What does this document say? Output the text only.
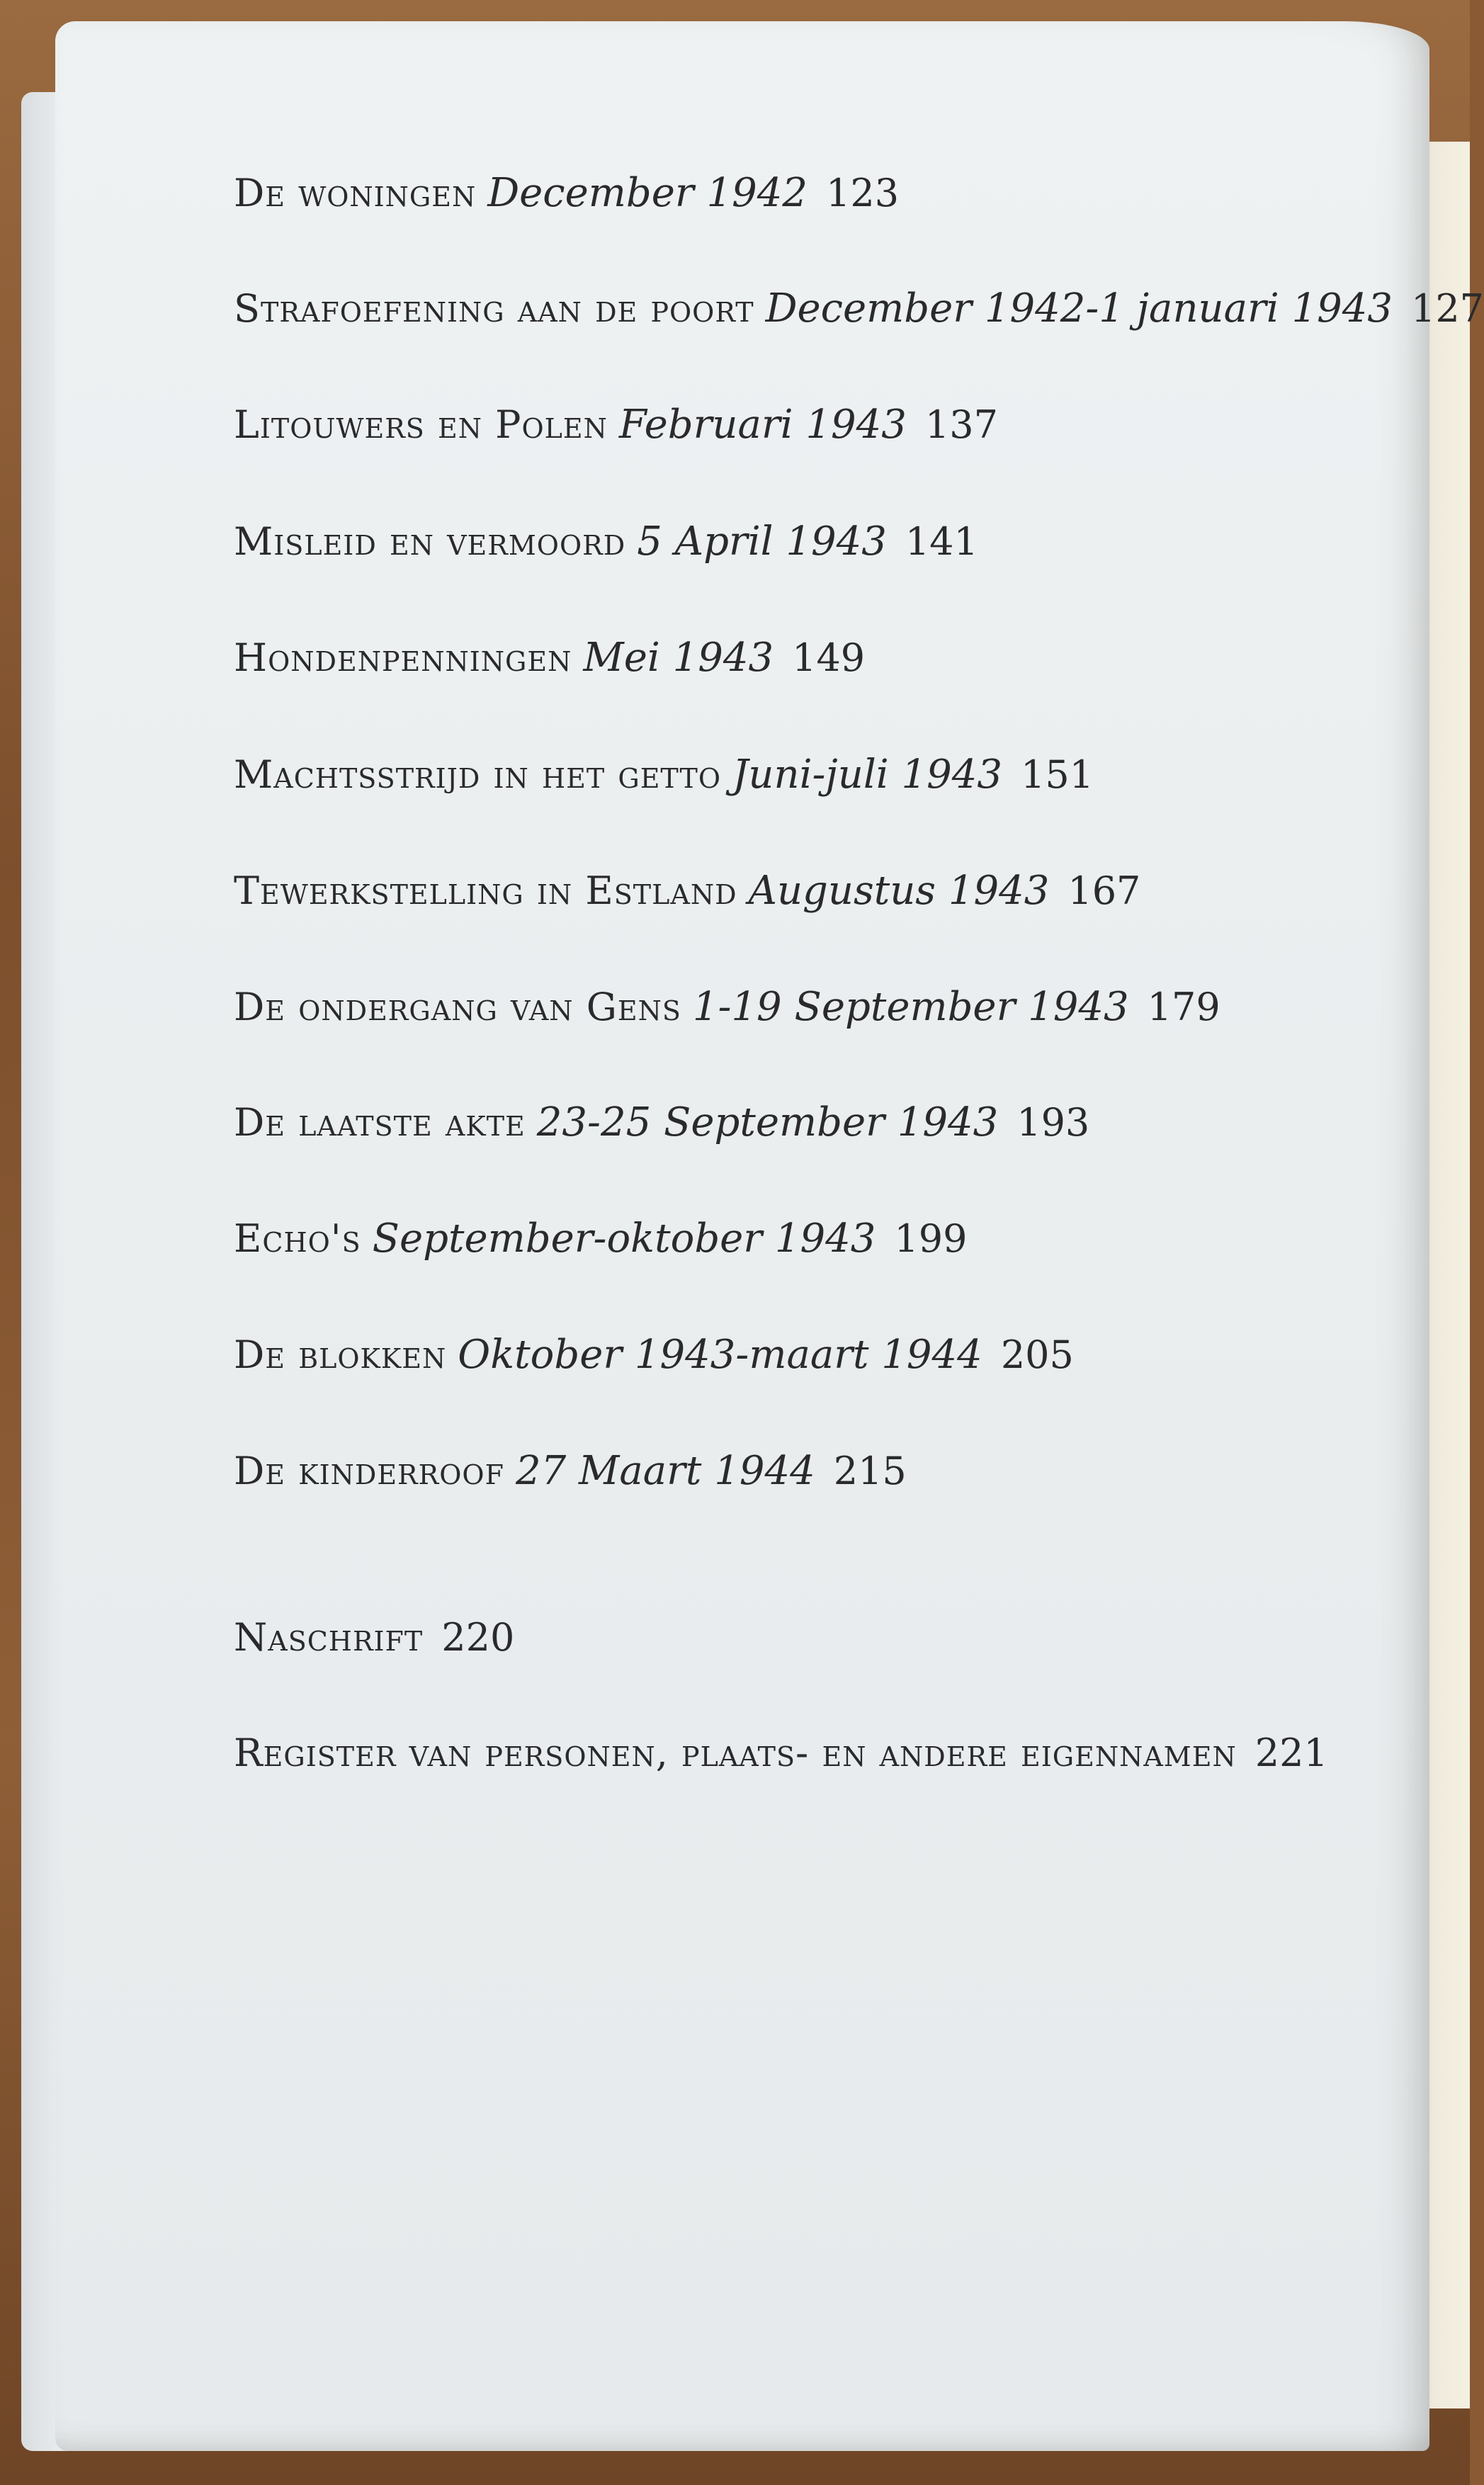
De woningen December 1942 123
Strafoefening aan de poort December 1942-1 januari 1943 127
Litouwers en Polen Februari 1943 137
Misleid en vermoord 5 April 1943 141
Hondenpenningen Mei 1943 149
Machtsstrijd in het getto Juni-juli 1943 151
Tewerkstelling in Estland Augustus 1943 167
De ondergang van Gens 1-19 September 1943 179
De laatste akte 23-25 September 1943 193
Echo's September-oktober 1943 199
De blokken Oktober 1943-maart 1944 205
De kinderroof 27 Maart 1944 215
Naschrift 220
Register van personen, plaats- en andere eigennamen 221
